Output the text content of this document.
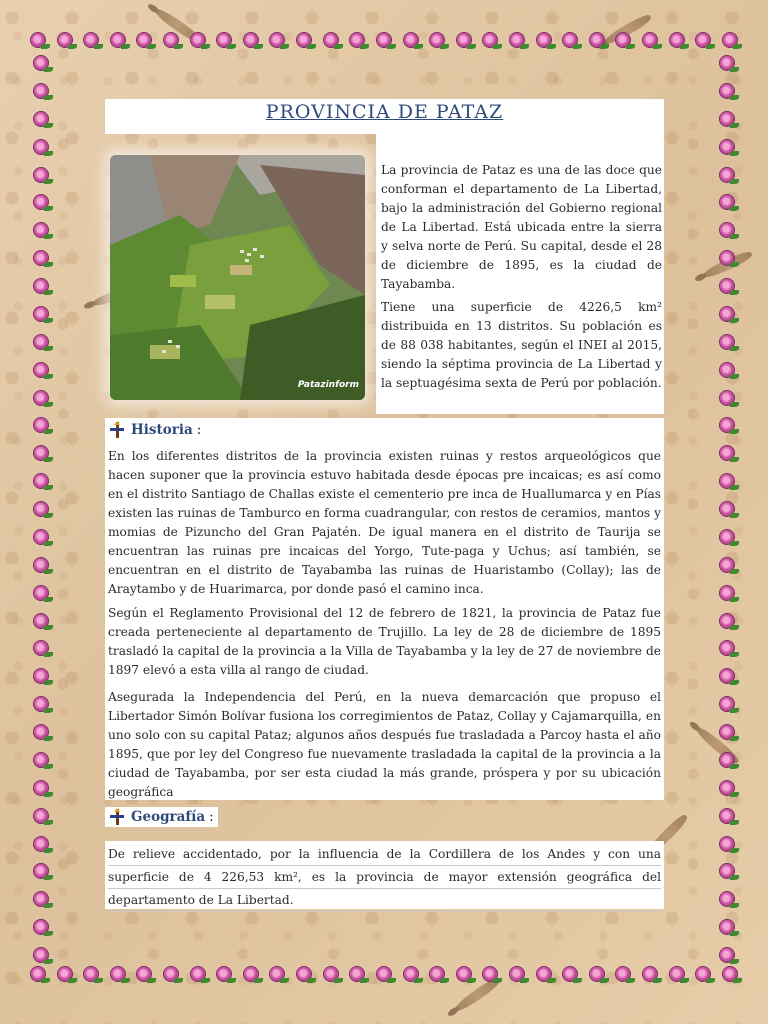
PROVINCIA DE PATAZ
Patazinform

La provincia de Pataz es una de las doce que conforman el departamento de La Libertad, bajo la administración del Gobierno regional de La Libertad. Está ubicada entre la sierra y selva norte de Perú. Su capital, desde el 28 de diciembre de 1895, es la ciudad de Tayabamba.

Tiene una superficie de 4226,5 km² distribuida en 13 distritos. Su población es de 88 038 habitantes, según el INEI al 2015, siendo la séptima provincia de La Libertad y la septuagésima sexta de Perú por población.

Historia :

En los diferentes distritos de la provincia existen ruinas y restos arqueológicos que hacen suponer que la provincia estuvo habitada desde épocas pre incaicas; es así como en el distrito Santiago de Challas existe el cementerio pre inca de Huallumarca y en Pías existen las ruinas de Tamburco en forma cuadrangular, con restos de ceramios, mantos y momias de Pizuncho del Gran Pajatén. De igual manera en el distrito de Taurija se encuentran las ruinas pre incaicas del Yorgo, Tute-paga y Uchus; así también, se encuentran en el distrito de Tayabamba las ruinas de Huaristambo (Collay); las de Araytambo y de Huarimarca, por donde pasó el camino inca.

Según el Reglamento Provisional del 12 de febrero de 1821, la provincia de Pataz fue creada perteneciente al departamento de Trujillo. La ley de 28 de diciembre de 1895 trasladó la capital de la provincia a la Villa de Tayabamba y la ley de 27 de noviembre de 1897 elevó a esta villa al rango de ciudad.

Asegurada la Independencia del Perú, en la nueva demarcación que propuso el Libertador Simón Bolívar fusiona los corregimientos de Pataz, Collay y Cajamarquilla, en uno solo con su capital Pataz; algunos años después fue trasladada a Parcoy hasta el año 1895, que por ley del Congreso fue nuevamente trasladada la capital de la provincia a la ciudad de Tayabamba, por ser esta ciudad la más grande, próspera y por su ubicación geográfica

Geografía :

De relieve accidentado, por la influencia de la Cordillera de los Andes y con una
superficie de 4 226,53 km², es la provincia de mayor extensión geográfica del
departamento de La Libertad.
